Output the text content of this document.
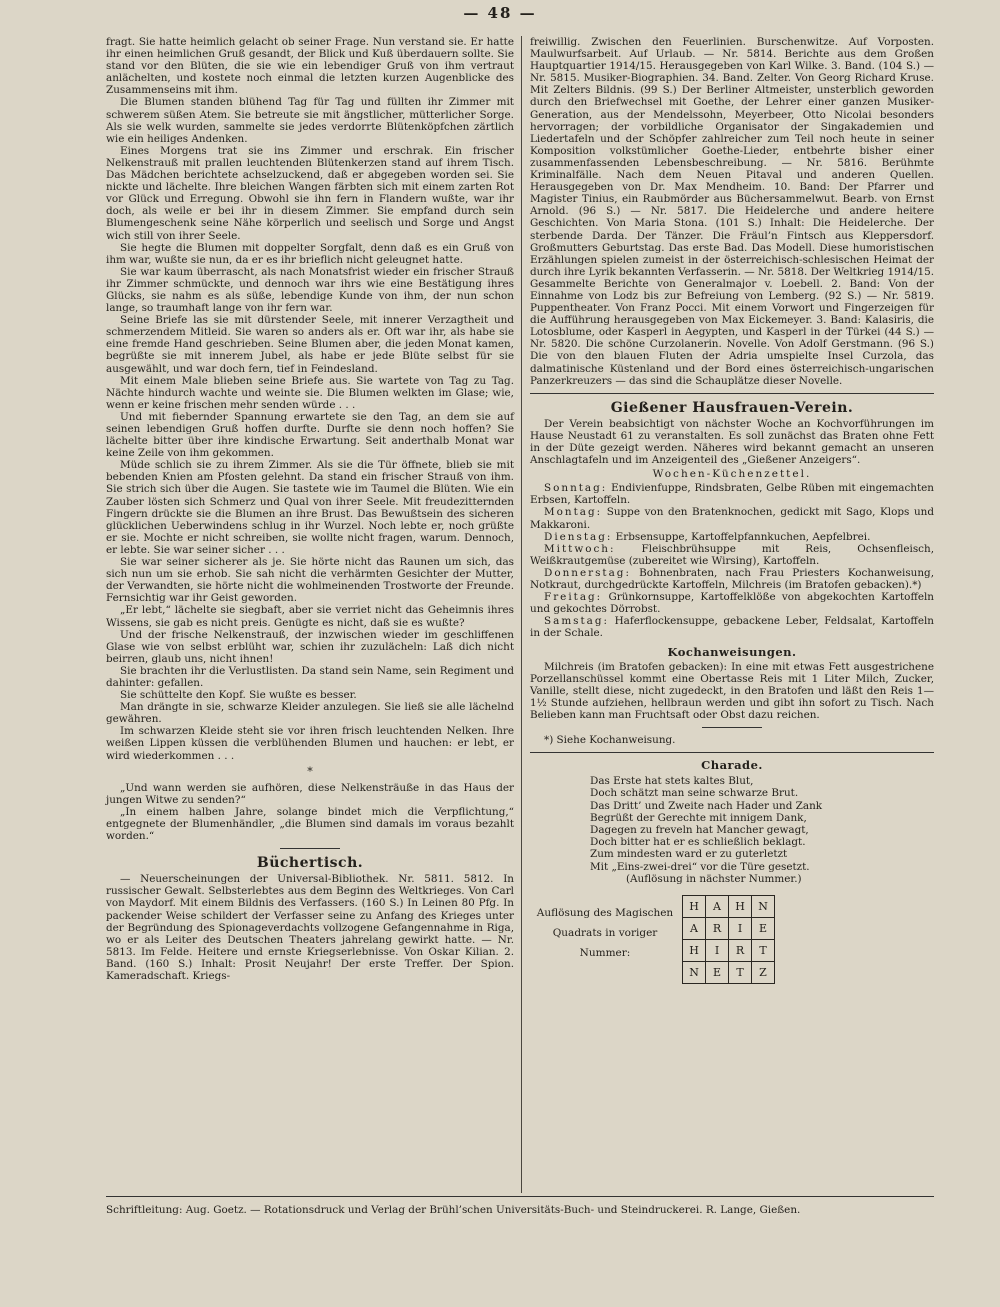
— 48 —

fragt. Sie hatte heimlich gelacht ob seiner Frage. Nun verstand sie. Er hatte ihr einen heimlichen Gruß gesandt, der Blick und Kuß überdauern sollte. Sie stand vor den Blüten, die sie wie ein lebendiger Gruß von ihm vertraut anlächelten, und kostete noch einmal die letzten kurzen Augenblicke des Zusammenseins mit ihm.

Die Blumen standen blühend Tag für Tag und füllten ihr Zimmer mit schwerem süßen Atem. Sie betreute sie mit ängstlicher, mütterlicher Sorge. Als sie welk wurden, sammelte sie jedes verdorrte Blütenköpfchen zärtlich wie ein heiliges Andenken.

Eines Morgens trat sie ins Zimmer und erschrak. Ein frischer Nelkenstrauß mit prallen leuchtenden Blütenkerzen stand auf ihrem Tisch. Das Mädchen berichtete achselzuckend, daß er abgegeben worden sei. Sie nickte und lächelte. Ihre bleichen Wangen färbten sich mit einem zarten Rot vor Glück und Erregung. Obwohl sie ihn fern in Flandern wußte, war ihr doch, als weile er bei ihr in diesem Zimmer. Sie empfand durch sein Blumengeschenk seine Nähe körperlich und seelisch und Sorge und Angst wich still von ihrer Seele.

Sie hegte die Blumen mit doppelter Sorgfalt, denn daß es ein Gruß von ihm war, wußte sie nun, da er es ihr brieflich nicht geleugnet hatte.

Sie war kaum überrascht, als nach Monatsfrist wieder ein frischer Strauß ihr Zimmer schmückte, und dennoch war ihrs wie eine Bestätigung ihres Glücks, sie nahm es als süße, lebendige Kunde von ihm, der nun schon lange, so traumhaft lange von ihr fern war.

Seine Briefe las sie mit dürstender Seele, mit innerer Verzagtheit und schmerzendem Mitleid. Sie waren so anders als er. Oft war ihr, als habe sie eine fremde Hand geschrieben. Seine Blumen aber, die jeden Monat kamen, begrüßte sie mit innerem Jubel, als habe er jede Blüte selbst für sie ausgewählt, und war doch fern, tief in Feindesland.

Mit einem Male blieben seine Briefe aus. Sie wartete von Tag zu Tag. Nächte hindurch wachte und weinte sie. Die Blumen welkten im Glase; wie, wenn er keine frischen mehr senden würde . . .

Und mit fiebernder Spannung erwartete sie den Tag, an dem sie auf seinen lebendigen Gruß hoffen durfte. Durfte sie denn noch hoffen? Sie lächelte bitter über ihre kindische Erwartung. Seit anderthalb Monat war keine Zeile von ihm gekommen.

Müde schlich sie zu ihrem Zimmer. Als sie die Tür öffnete, blieb sie mit bebenden Knien am Pfosten gelehnt. Da stand ein frischer Strauß von ihm. Sie strich sich über die Augen. Sie tastete wie im Taumel die Blüten. Wie ein Zauber lösten sich Schmerz und Qual von ihrer Seele. Mit freudezitternden Fingern drückte sie die Blumen an ihre Brust. Das Bewußtsein des sicheren glücklichen Ueberwindens schlug in ihr Wurzel. Noch lebte er, noch grüßte er sie. Mochte er nicht schreiben, sie wollte nicht fragen, warum. Dennoch, er lebte. Sie war seiner sicher . . .

Sie war seiner sicherer als je. Sie hörte nicht das Raunen um sich, das sich nun um sie erhob. Sie sah nicht die verhärmten Gesichter der Mutter, der Verwandten, sie hörte nicht die wohlmeinenden Trostworte der Freunde. Fernsichtig war ihr Geist geworden.

„Er lebt,“ lächelte sie siegbaft, aber sie verriet nicht das Geheimnis ihres Wissens, sie gab es nicht preis. Genügte es nicht, daß sie es wußte?

Und der frische Nelkenstrauß, der inzwischen wieder im geschliffenen Glase wie von selbst erblüht war, schien ihr zuzulächeln: Laß dich nicht beirren, glaub uns, nicht ihnen!

Sie brachten ihr die Verlustlisten. Da stand sein Name, sein Regiment und dahinter: gefallen.

Sie schüttelte den Kopf. Sie wußte es besser.

Man drängte in sie, schwarze Kleider anzulegen. Sie ließ sie alle lächelnd gewähren.

Im schwarzen Kleide steht sie vor ihren frisch leuchtenden Nelken. Ihre weißen Lippen küssen die verblühenden Blumen und hauchen: er lebt, er wird wiederkommen . . .

*

„Und wann werden sie aufhören, diese Nelkensträuße in das Haus der jungen Witwe zu senden?“

„In einem halben Jahre, solange bindet mich die Verpflichtung,“ entgegnete der Blumenhändler, „die Blumen sind damals im voraus bezahlt worden.“

Büchertisch.

— Neuerscheinungen der Universal-Bibliothek. Nr. 5811. 5812. In russischer Gewalt. Selbsterlebtes aus dem Beginn des Weltkrieges. Von Carl von Maydorf. Mit einem Bildnis des Verfassers. (160 S.) In Leinen 80 Pfg. In packender Weise schildert der Verfasser seine zu Anfang des Krieges unter der Begründung des Spionageverdachts vollzogene Gefangennahme in Riga, wo er als Leiter des Deutschen Theaters jahrelang gewirkt hatte. — Nr. 5813. Im Felde. Heitere und ernste Kriegserlebnisse. Von Oskar Kilian. 2. Band. (160 S.) Inhalt: Prosit Neujahr! Der erste Treffer. Der Spion. Kameradschaft. Kriegs-

freiwillig. Zwischen den Feuerlinien. Burschenwitze. Auf Vorposten. Maulwurfsarbeit. Auf Urlaub. — Nr. 5814. Berichte aus dem Großen Hauptquartier 1914/15. Herausgegeben von Karl Wilke. 3. Band. (104 S.) — Nr. 5815. Musiker-Biographien. 34. Band. Zelter. Von Georg Richard Kruse. Mit Zelters Bildnis. (99 S.) Der Berliner Altmeister, unsterblich geworden durch den Briefwechsel mit Goethe, der Lehrer einer ganzen Musiker-Generation, aus der Mendelssohn, Meyerbeer, Otto Nicolai besonders hervorragen; der vorbildliche Organisator der Singakademien und Liedertafeln und der Schöpfer zahlreicher zum Teil noch heute in seiner Komposition volkstümlicher Goethe-Lieder, entbehrte bisher einer zusammenfassenden Lebensbeschreibung. — Nr. 5816. Berühmte Kriminalfälle. Nach dem Neuen Pitaval und anderen Quellen. Herausgegeben von Dr. Max Mendheim. 10. Band: Der Pfarrer und Magister Tinius, ein Raubmörder aus Büchersammelwut. Bearb. von Ernst Arnold. (96 S.) — Nr. 5817. Die Heidelerche und andere heitere Geschichten. Von Maria Stona. (101 S.) Inhalt: Die Heidelerche. Der sterbende Darda. Der Tänzer. Die Fräul’n Fintsch aus Kleppersdorf. Großmutters Geburtstag. Das erste Bad. Das Modell. Diese humoristischen Erzählungen spielen zumeist in der österreichisch-schlesischen Heimat der durch ihre Lyrik bekannten Verfasserin. — Nr. 5818. Der Weltkrieg 1914/15. Gesammelte Berichte von Generalmajor v. Loebell. 2. Band: Von der Einnahme von Lodz bis zur Befreiung von Lemberg. (92 S.) — Nr. 5819. Puppentheater. Von Franz Pocci. Mit einem Vorwort und Fingerzeigen für die Aufführung herausgegeben von Max Eickemeyer. 3. Band: Kalasiris, die Lotosblume, oder Kasperl in Aegypten, und Kasperl in der Türkei (44 S.) — Nr. 5820. Die schöne Curzolanerin. Novelle. Von Adolf Gerstmann. (96 S.) Die von den blauen Fluten der Adria umspielte Insel Curzola, das dalmatinische Küstenland und der Bord eines österreichisch-ungarischen Panzerkreuzers — das sind die Schauplätze dieser Novelle.

Gießener Hausfrauen-Verein.

Der Verein beabsichtigt von nächster Woche an Kochvorführungen im Hause Neustadt 61 zu veranstalten. Es soll zunächst das Braten ohne Fett in der Düte gezeigt werden. Näheres wird bekannt gemacht an unseren Anschlagtafeln und im Anzeigenteil des „Gießener Anzeigers“.

Wochen-Küchenzettel.

Sonntag: Endivienfuppe, Rindsbraten, Gelbe Rüben mit eingemachten Erbsen, Kartoffeln.

Montag: Suppe von den Bratenknochen, gedickt mit Sago, Klops und Makkaroni.

Dienstag: Erbsensuppe, Kartoffelpfannkuchen, Aepfelbrei.

Mittwoch:	Fleischbrühsuppe mit Reis, Ochsenfleisch, Weißkrautgemüse (zubereitet wie Wirsing), Kartoffeln.

Donnerstag: Bohnenbraten, nach Frau Priesters Kochanweisung, Notkraut, durchgedrückte Kartoffeln, Milchreis (im Bratofen gebacken).*)

Freitag: Grünkornsuppe, Kartoffelklöße von abgekochten Kartoffeln und gekochtes Dörrobst.

Samstag: Haferflockensuppe, gebackene Leber, Feldsalat, Kartoffeln in der Schale.

Kochanweisungen.

Milchreis (im Bratofen gebacken): In eine mit etwas Fett ausgestrichene Porzellanschüssel kommt eine Obertasse Reis mit 1 Liter Milch, Zucker, Vanille, stellt diese, nicht zugedeckt, in den Bratofen und läßt den Reis 1—1½ Stunde aufziehen, hellbraun werden und gibt ihn sofort zu Tisch. Nach Belieben kann man Fruchtsaft oder Obst dazu reichen.

*) Siehe Kochanweisung.

Charade.
Das Erste hat stets kaltes Blut,
Doch schätzt man seine schwarze Brut.
Das Dritt’ und Zweite nach Hader und Zank
Begrüßt der Gerechte mit innigem Dank,
Dagegen zu freveln hat Mancher gewagt,
Doch bitter hat er es schließlich beklagt.
Zum mindesten ward er zu guterletzt
Mit „Eins-zwei-drei“ vor die Türe gesetzt.
(Auflösung in nächster Nummer.)
Auflösung des Magischen Quadrats in voriger Nummer:
H	A	H	N
A	R	I	E
H	I	R	T
N	E	T	Z
Schriftleitung: Aug. Goetz. — Rotationsdruck und Verlag der Brühl’schen Universitäts-Buch- und Steindruckerei. R. Lange, Gießen.
